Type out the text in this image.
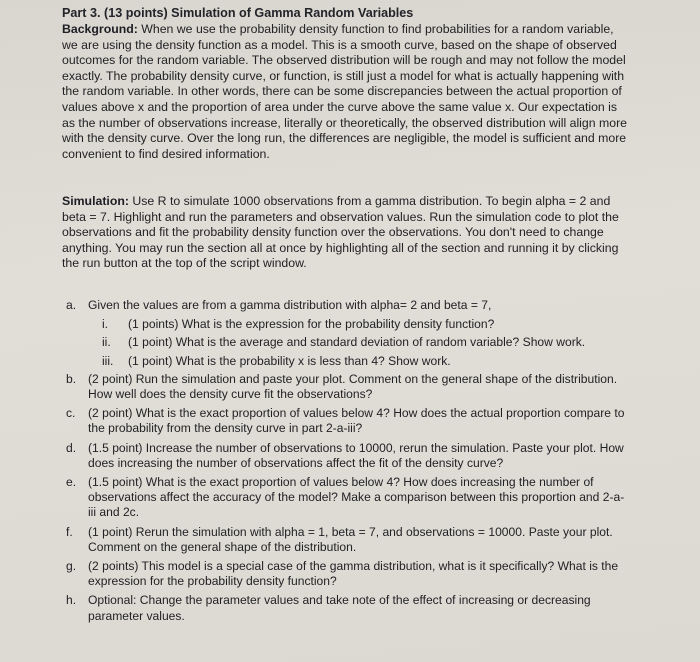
Part 3. (13 points) Simulation of Gamma Random Variables
Background: When we use the probability density function to find probabilities for a random variable, we are using the density function as a model. This is a smooth curve, based on the shape of observed outcomes for the random variable. The observed distribution will be rough and may not follow the model exactly. The probability density curve, or function, is still just a model for what is actually happening with the random variable. In other words, there can be some discrepancies between the actual proportion of values above x and the proportion of area under the curve above the same value x. Our expectation is as the number of observations increase, literally or theoretically, the observed distribution will align more with the density curve. Over the long run, the differences are negligible, the model is sufficient and more convenient to find desired information.
Simulation: Use R to simulate 1000 observations from a gamma distribution. To begin alpha = 2 and beta = 7. Highlight and run the parameters and observation values. Run the simulation code to plot the observations and fit the probability density function over the observations. You don't need to change anything. You may run the section all at once by highlighting all of the section and running it by clicking the run button at the top of the script window.
a. Given the values are from a gamma distribution with alpha= 2 and beta = 7,
i. (1 points) What is the expression for the probability density function?
ii. (1 point) What is the average and standard deviation of random variable? Show work.
iii. (1 point) What is the probability x is less than 4? Show work.
b. (2 point) Run the simulation and paste your plot. Comment on the general shape of the distribution. How well does the density curve fit the observations?
c. (2 point) What is the exact proportion of values below 4? How does the actual proportion compare to the probability from the density curve in part 2-a-iii?
d. (1.5 point) Increase the number of observations to 10000, rerun the simulation. Paste your plot. How does increasing the number of observations affect the fit of the density curve?
e. (1.5 point) What is the exact proportion of values below 4? How does increasing the number of observations affect the accuracy of the model? Make a comparison between this proportion and 2-a-iii and 2c.
f. (1 point) Rerun the simulation with alpha = 1, beta = 7, and observations = 10000. Paste your plot. Comment on the general shape of the distribution.
g. (2 points) This model is a special case of the gamma distribution, what is it specifically? What is the expression for the probability density function?
h. Optional: Change the parameter values and take note of the effect of increasing or decreasing parameter values.
